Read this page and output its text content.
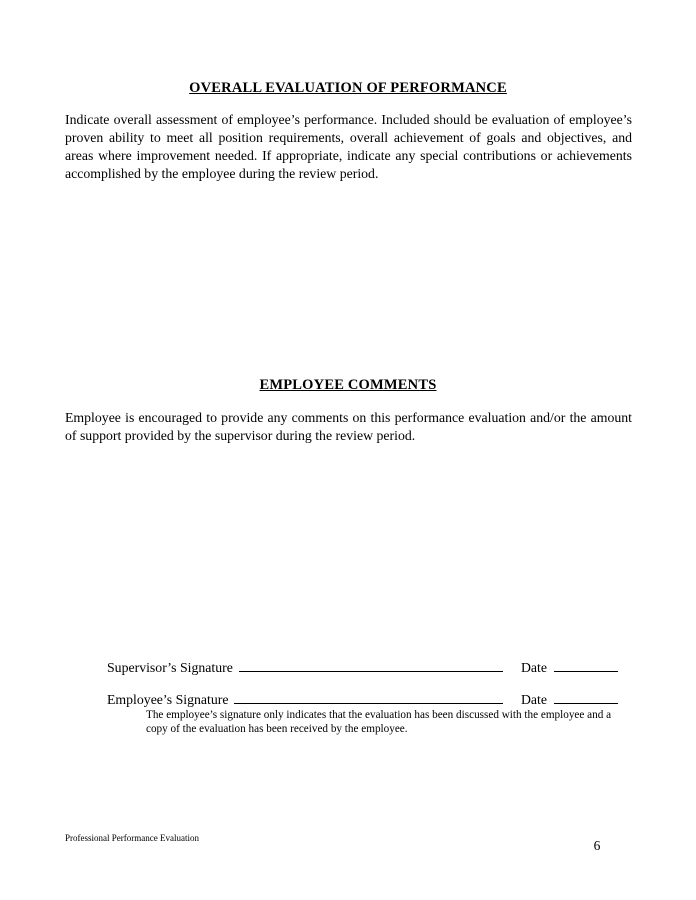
OVERALL EVALUATION OF PERFORMANCE
Indicate overall assessment of employee’s performance. Included should be evaluation of employee’s proven ability to meet all position requirements, overall achievement of goals and objectives, and areas where improvement needed. If appropriate, indicate any special contributions or achievements accomplished by the employee during the review period.
EMPLOYEE COMMENTS
Employee is encouraged to provide any comments on this performance evaluation and/or the amount of support provided by the supervisor during the review period.
Supervisor’s Signature	Date
Employee’s Signature	Date
The employee’s signature only indicates that the evaluation has been discussed with the employee and a copy of the evaluation has been received by the employee.
Professional Performance Evaluation	6
